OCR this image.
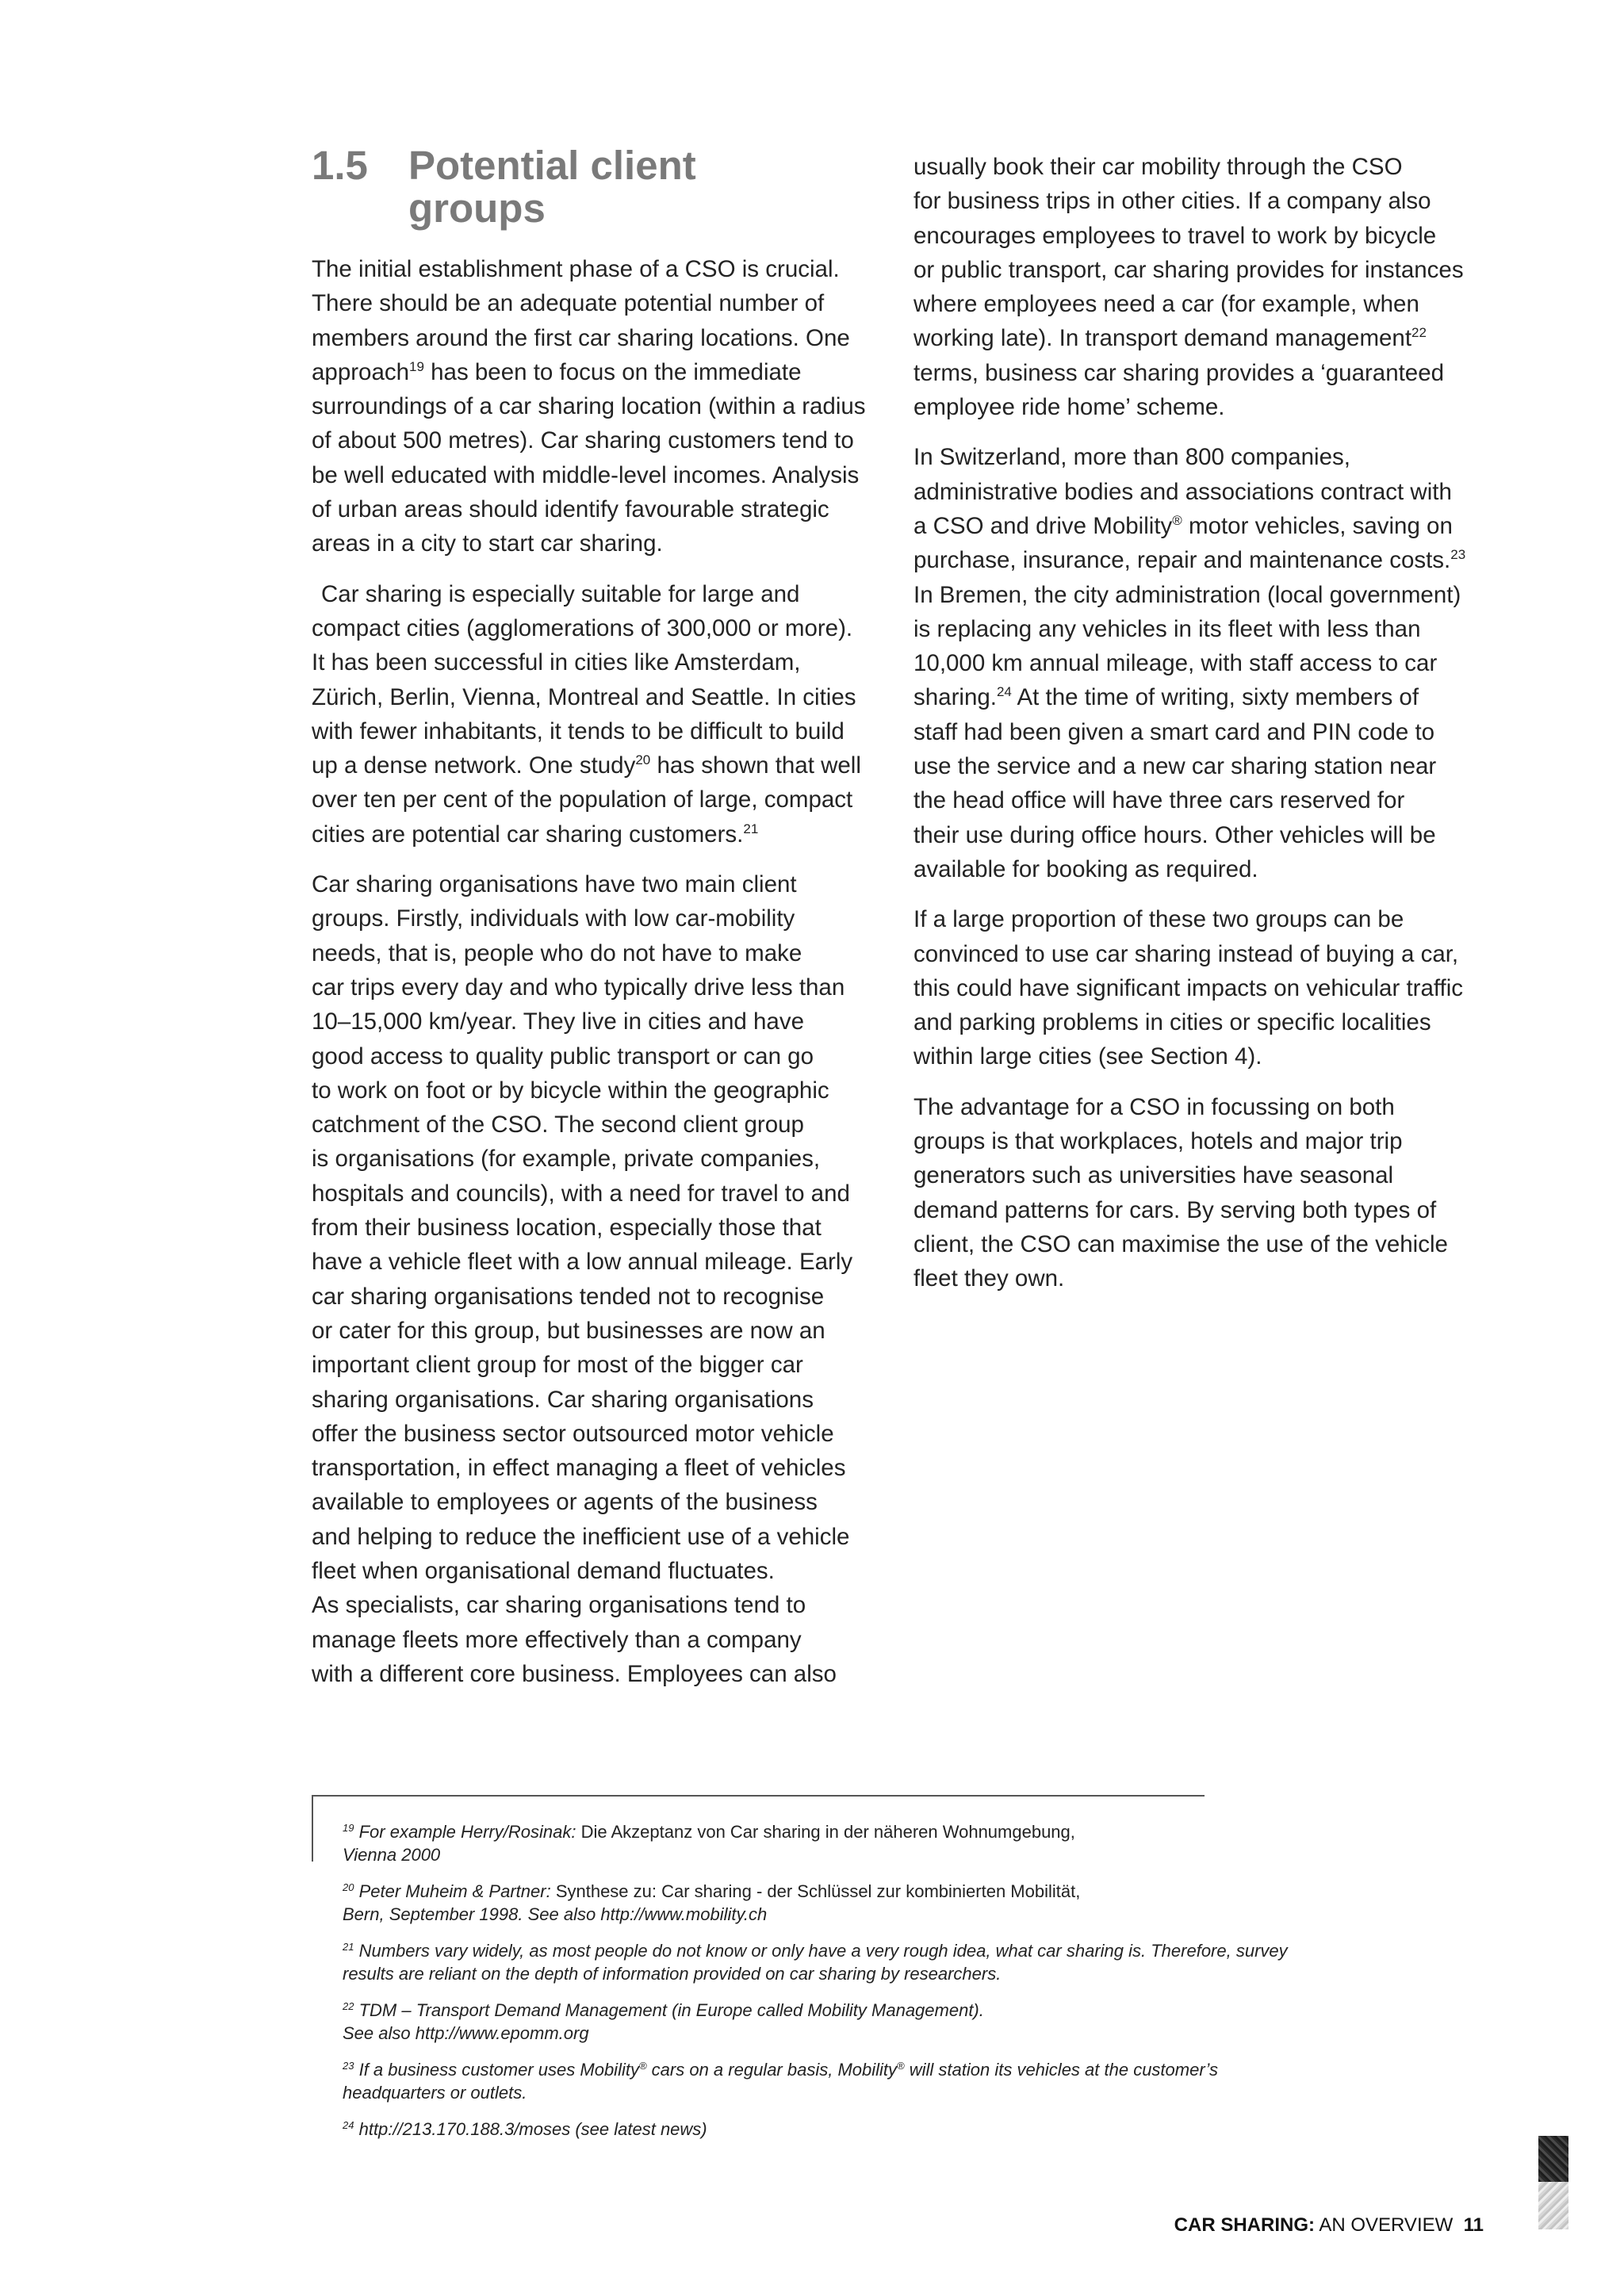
1.5 Potential client
groups

The initial establishment phase of a CSO is crucial.
There should be an adequate potential number of
members around the first car sharing locations. One
approach$^{19}$ has been to focus on the immediate
surroundings of a car sharing location (within a radius
of about 500 metres). Car sharing customers tend to
be well educated with middle-level incomes. Analysis
of urban areas should identify favourable strategic
areas in a city to start car sharing.

Car sharing is especially suitable for large and
compact cities (agglomerations of 300,000 or more).
It has been successful in cities like Amsterdam,
Zürich, Berlin, Vienna, Montreal and Seattle. In cities
with fewer inhabitants, it tends to be difficult to build
up a dense network. One study$^{20}$ has shown that well
over ten per cent of the population of large, compact
cities are potential car sharing customers.$^{21}$

Car sharing organisations have two main client
groups. Firstly, individuals with low car-mobility
needs, that is, people who do not have to make
car trips every day and who typically drive less than
10–15,000 km/year. They live in cities and have
good access to quality public transport or can go
to work on foot or by bicycle within the geographic
catchment of the CSO. The second client group
is organisations (for example, private companies,
hospitals and councils), with a need for travel to and
from their business location, especially those that
have a vehicle fleet with a low annual mileage. Early
car sharing organisations tended not to recognise
or cater for this group, but businesses are now an
important client group for most of the bigger car
sharing organisations. Car sharing organisations
offer the business sector outsourced motor vehicle
transportation, in effect managing a fleet of vehicles
available to employees or agents of the business
and helping to reduce the inefficient use of a vehicle
fleet when organisational demand fluctuates.
As specialists, car sharing organisations tend to
manage fleets more effectively than a company
with a different core business. Employees can also

usually book their car mobility through the CSO
for business trips in other cities. If a company also
encourages employees to travel to work by bicycle
or public transport, car sharing provides for instances
where employees need a car (for example, when
working late). In transport demand management$^{22}$
terms, business car sharing provides a ‘guaranteed
employee ride home’ scheme.

In Switzerland, more than 800 companies,
administrative bodies and associations contract with
a CSO and drive Mobility® motor vehicles, saving on
purchase, insurance, repair and maintenance costs.$^{23}$
In Bremen, the city administration (local government)
is replacing any vehicles in its fleet with less than
10,000 km annual mileage, with staff access to car
sharing.$^{24}$ At the time of writing, sixty members of
staff had been given a smart card and PIN code to
use the service and a new car sharing station near
the head office will have three cars reserved for
their use during office hours. Other vehicles will be
available for booking as required.

If a large proportion of these two groups can be
convinced to use car sharing instead of buying a car,
this could have significant impacts on vehicular traffic
and parking problems in cities or specific localities
within large cities (see Section 4).

The advantage for a CSO in focussing on both
groups is that workplaces, hotels and major trip
generators such as universities have seasonal
demand patterns for cars. By serving both types of
client, the CSO can maximise the use of the vehicle
fleet they own.

$^{19}$ For example Herry/Rosinak: Die Akzeptanz von Car sharing in der näheren Wohnumgebung,
Vienna 2000
$^{20}$ Peter Muheim & Partner: Synthese zu: Car sharing - der Schlüssel zur kombinierten Mobilität,
Bern, September 1998. See also http://www.mobility.ch
$^{21}$ Numbers vary widely, as most people do not know or only have a very rough idea, what car sharing is. Therefore, survey
results are reliant on the depth of information provided on car sharing by researchers.
$^{22}$ TDM – Transport Demand Management (in Europe called Mobility Management).
See also http://www.epomm.org
$^{23}$ If a business customer uses Mobility® cars on a regular basis, Mobility® will station its vehicles at the customer’s
headquarters or outlets.
$^{24}$ http://213.170.188.3/moses (see latest news)
CAR SHARING: AN OVERVIEW 11
